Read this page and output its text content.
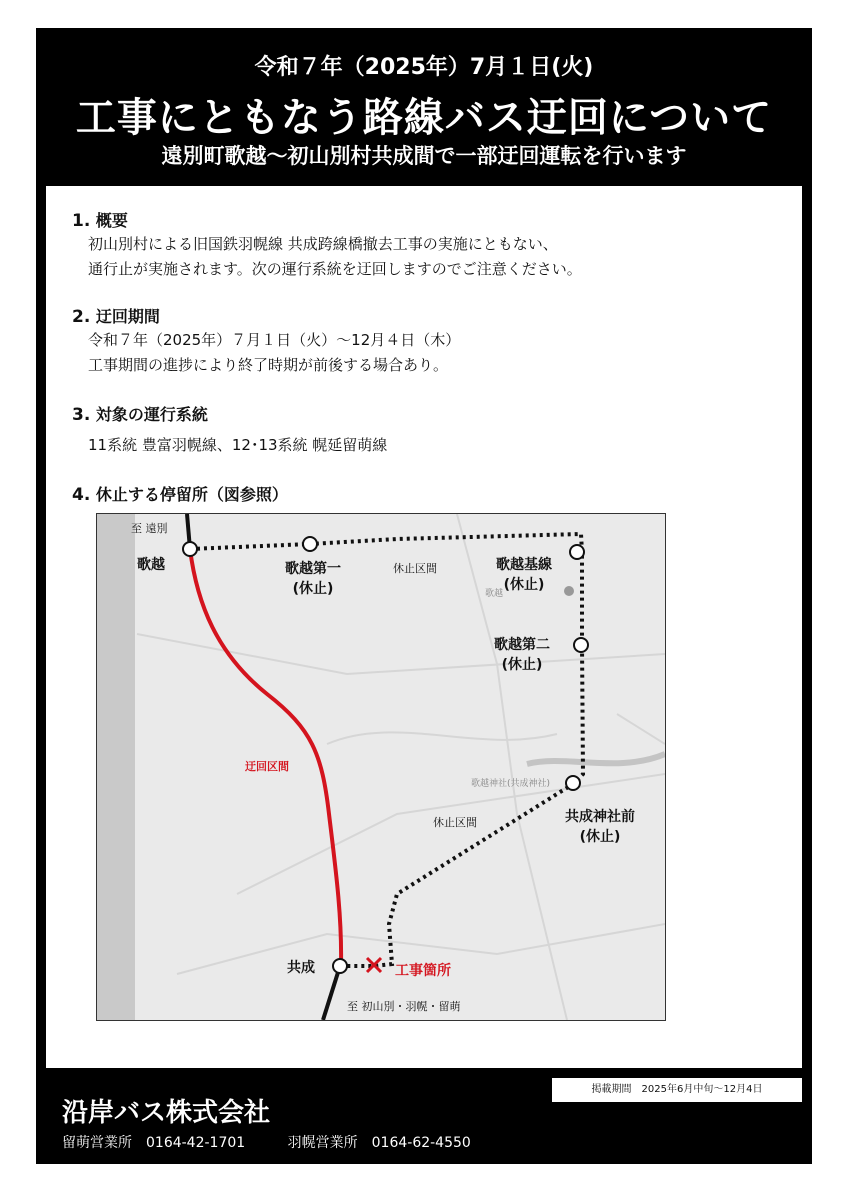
令和７年（2025年）7月１日(火)
工事にともなう路線バス迂回について
遠別町歌越〜初山別村共成間で一部迂回運転を行います
1. 概要
初山別村による旧国鉄羽幌線 共成跨線橋撤去工事の実施にともない、
通行止が実施されます。次の運行系統を迂回しますのでご注意ください。
2. 迂回期間
令和７年（2025年）７月１日（火）〜12月４日（木）
工事期間の進捗により終了時期が前後する場合あり。
3. 対象の運行系統
11系統 豊富羽幌線、12･13系統 幌延留萌線
4. 休止する停留所（図参照）
至 遠別
歌越	歌越第一
(休止)
休止区間	歌越基線
(休止)
歌越
歌越第二
(休止)
迂回区間
歌越神社(共成神社)
共成神社前
(休止)
休止区間
共成	工事箇所
至 初山別・羽幌・留萌
掲載期間　2025年6月中旬〜12月4日
沿岸バス株式会社
留萌営業所　0164-42-1701	羽幌営業所　0164-62-4550
